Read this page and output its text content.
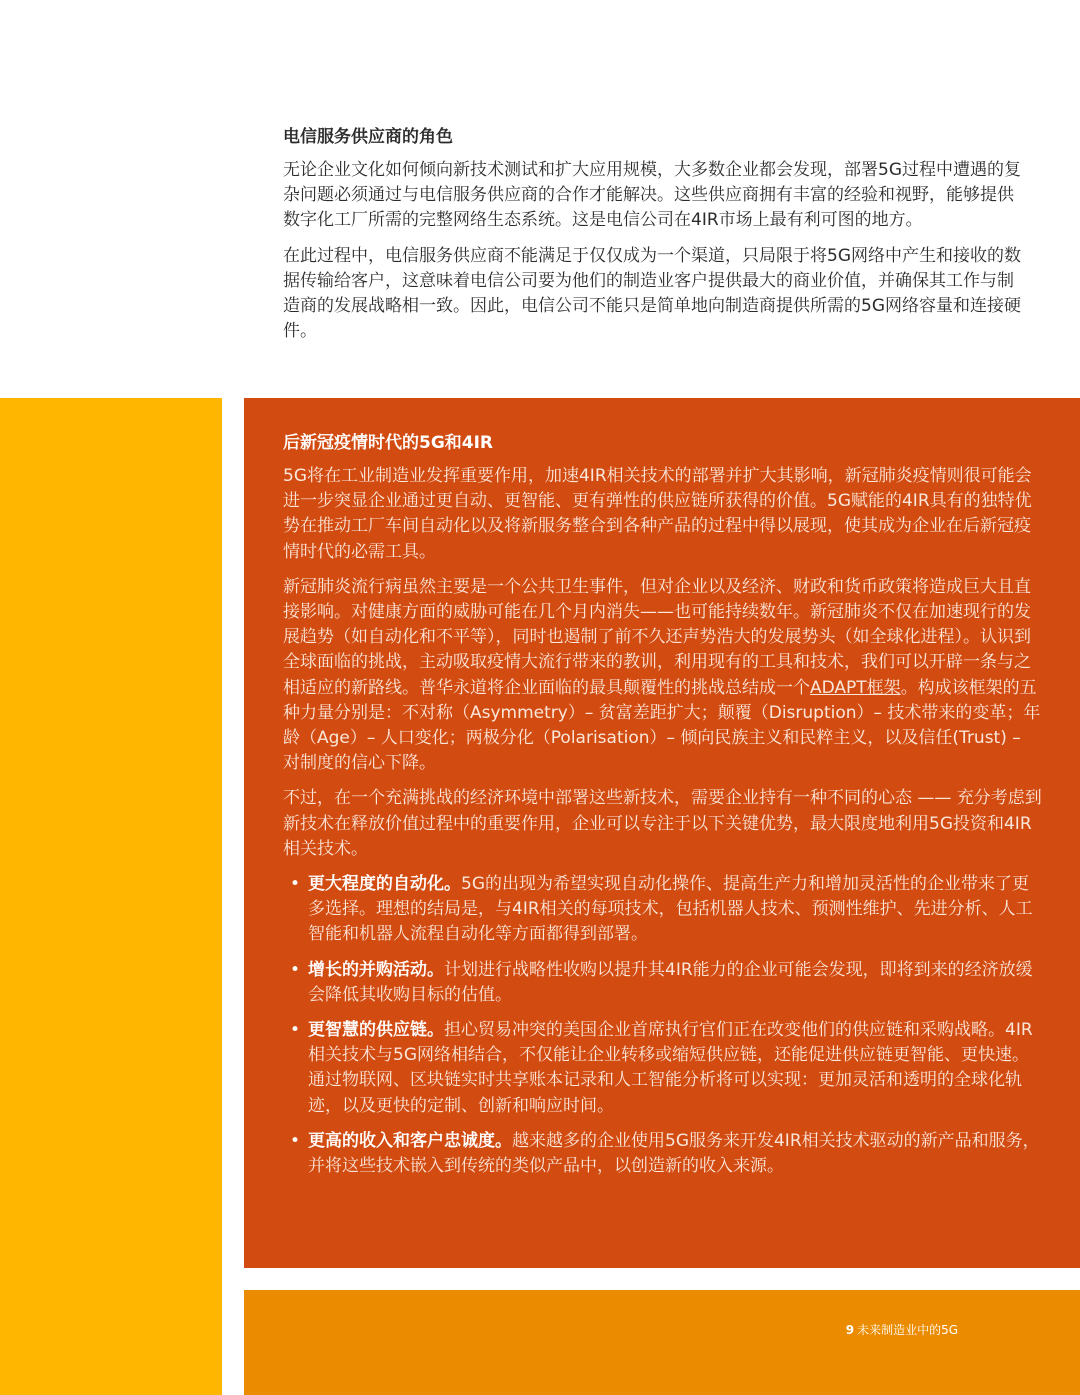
电信服务供应商的角色

无论企业文化如何倾向新技术测试和扩大应用规模，大多数企业都会发现，部署5G过程中遭遇的复杂问题必须通过与电信服务供应商的合作才能解决。这些供应商拥有丰富的经验和视野，能够提供数字化工厂所需的完整网络生态系统。这是电信公司在4IR市场上最有利可图的地方。

在此过程中，电信服务供应商不能满足于仅仅成为一个渠道，只局限于将5G网络中产生和接收的数据传输给客户，这意味着电信公司要为他们的制造业客户提供最大的商业价值，并确保其工作与制造商的发展战略相一致。因此，电信公司不能只是简单地向制造商提供所需的5G网络容量和连接硬件。

后新冠疫情时代的5G和4IR

5G将在工业制造业发挥重要作用，加速4IR相关技术的部署并扩大其影响，新冠肺炎疫情则很可能会进一步突显企业通过更自动、更智能、更有弹性的供应链所获得的价值。5G赋能的4IR具有的独特优势在推动工厂车间自动化以及将新服务整合到各种产品的过程中得以展现，使其成为企业在后新冠疫情时代的必需工具。

新冠肺炎流行病虽然主要是一个公共卫生事件，但对企业以及经济、财政和货币政策将造成巨大且直接影响。对健康方面的威胁可能在几个月内消失——也可能持续数年。新冠肺炎不仅在加速现行的发展趋势（如自动化和不平等），同时也遏制了前不久还声势浩大的发展势头（如全球化进程）。认识到全球面临的挑战，主动吸取疫情大流行带来的教训，利用现有的工具和技术，我们可以开辟一条与之相适应的新路线。普华永道将企业面临的最具颠覆性的挑战总结成一个ADAPT框架。构成该框架的五种力量分别是：不对称（Asymmetry）– 贫富差距扩大；颠覆（Disruption）– 技术带来的变革；年龄（Age）– 人口变化；两极分化（Polarisation）– 倾向民族主义和民粹主义，以及信任(Trust) – 对制度的信心下降。

不过，在一个充满挑战的经济环境中部署这些新技术，需要企业持有一种不同的心态 —— 充分考虑到新技术在释放价值过程中的重要作用，企业可以专注于以下关键优势，最大限度地利用5G投资和4IR相关技术。

• 更大程度的自动化。5G的出现为希望实现自动化操作、提高生产力和增加灵活性的企业带来了更多选择。理想的结局是，与4IR相关的每项技术，包括机器人技术、预测性维护、先进分析、人工智能和机器人流程自动化等方面都得到部署。
• 增长的并购活动。计划进行战略性收购以提升其4IR能力的企业可能会发现，即将到来的经济放缓会降低其收购目标的估值。
• 更智慧的供应链。担心贸易冲突的美国企业首席执行官们正在改变他们的供应链和采购战略。4IR相关技术与5G网络相结合，不仅能让企业转移或缩短供应链，还能促进供应链更智能、更快速。通过物联网、区块链实时共享账本记录和人工智能分析将可以实现：更加灵活和透明的全球化轨迹，以及更快的定制、创新和响应时间。
• 更高的收入和客户忠诚度。越来越多的企业使用5G服务来开发4IR相关技术驱动的新产品和服务，并将这些技术嵌入到传统的类似产品中，以创造新的收入来源。
9 未来制造业中的5G
